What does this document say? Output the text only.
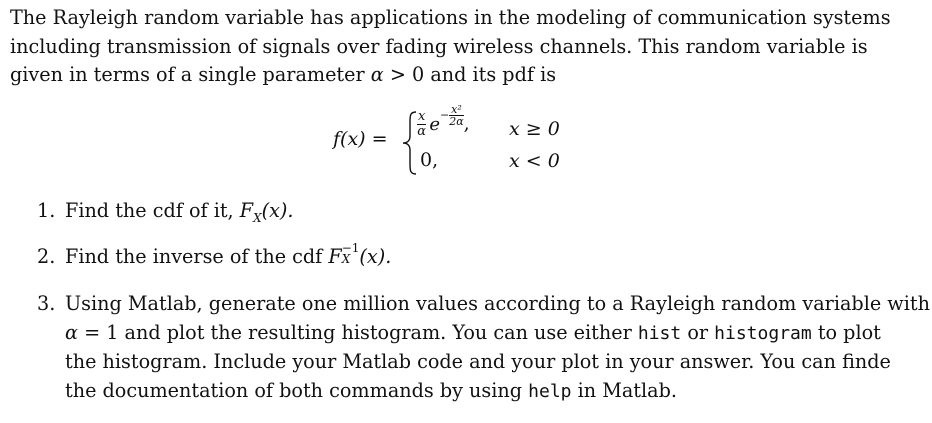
The Rayleigh random variable has applications in the modeling of communication systems
including transmission of signals over fading wireless channels. This random variable is
given in terms of a single parameter α > 0 and its pdf is

$f(x) = \frac{x}{\alpha} e- \frac{\text{x²}}{2\alpha}$ , x ≥ 0
0,	x < 0
1. Find the cdf of it, $F_X(x)$.
2. Find the inverse of the cdf F −1
X (x).
3. Using Matlab, generate one million values according to a Rayleigh random variable with
α = 1 and plot the resulting histogram. You can use either hist or histogram to plot
the histogram. Include your Matlab code and your plot in your answer. You can finde
the documentation of both commands by using help in Matlab.
